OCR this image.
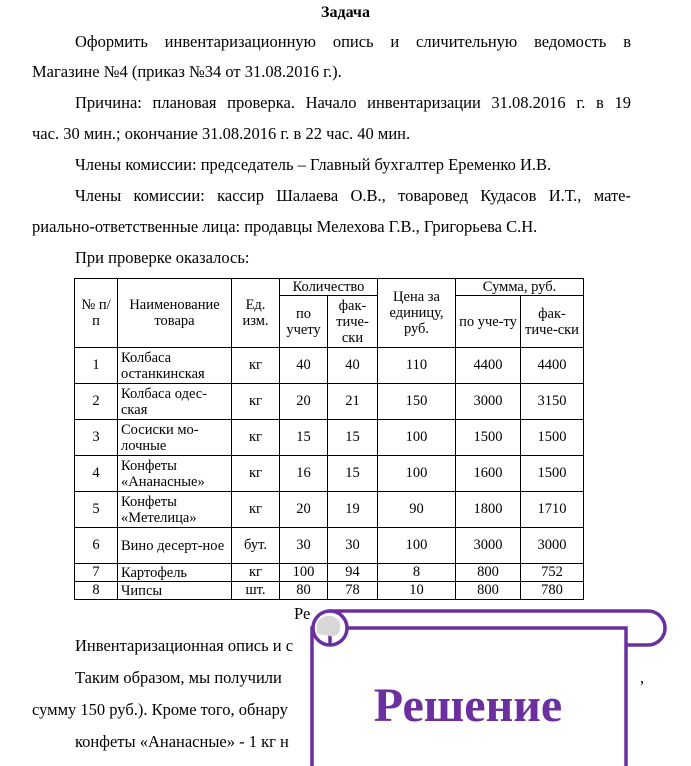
Задача
Оформить инвентаризационную опись и сличительную ведомость в
Магазине №4 (приказ №34 от 31.08.2016 г.).
Причина: плановая проверка. Начало инвентаризации 31.08.2016 г. в 19
час. 30 мин.; окончание 31.08.2016 г. в 22 час. 40 мин.
Члены комиссии: председатель – Главный бухгалтер Еременко И.В.
Члены комиссии: кассир Шалаева О.В., товаровед Кудасов И.Т., мате-
риально-ответственные лица: продавцы Мелехова Г.В., Григорьева С.Н.
При проверке оказалось:
№ п/п	Наименование товара	Ед. изм.	Количество		Цена за единицу, руб.	Сумма, руб.	
			по учету	фак-тиче-ски		по уче-ту	фак-тиче-ски
1	Колбаса останкинская	кг	40	40	110	4400	4400
2	Колбаса одес-ская	кг	20	21	150	3000	3150
3	Сосиски мо-лочные	кг	15	15	100	1500	1500
4	Конфеты «Ананасные»	кг	16	15	100	1600	1500
5	Конфеты «Метелица»	кг	20	19	90	1800	1710
6	Вино десерт-ное	бут.	30	30	100	3000	3000
7	Картофель	кг	100	94	8	800	752
8	Чипсы	шт.	80	78	10	800	780
Ре
Инвентаризационная опись и с
Таким образом, мы получили	,
сумму 150 руб.). Кроме того, обнару
конфеты «Ананасные» - 1 кг н
Решение
